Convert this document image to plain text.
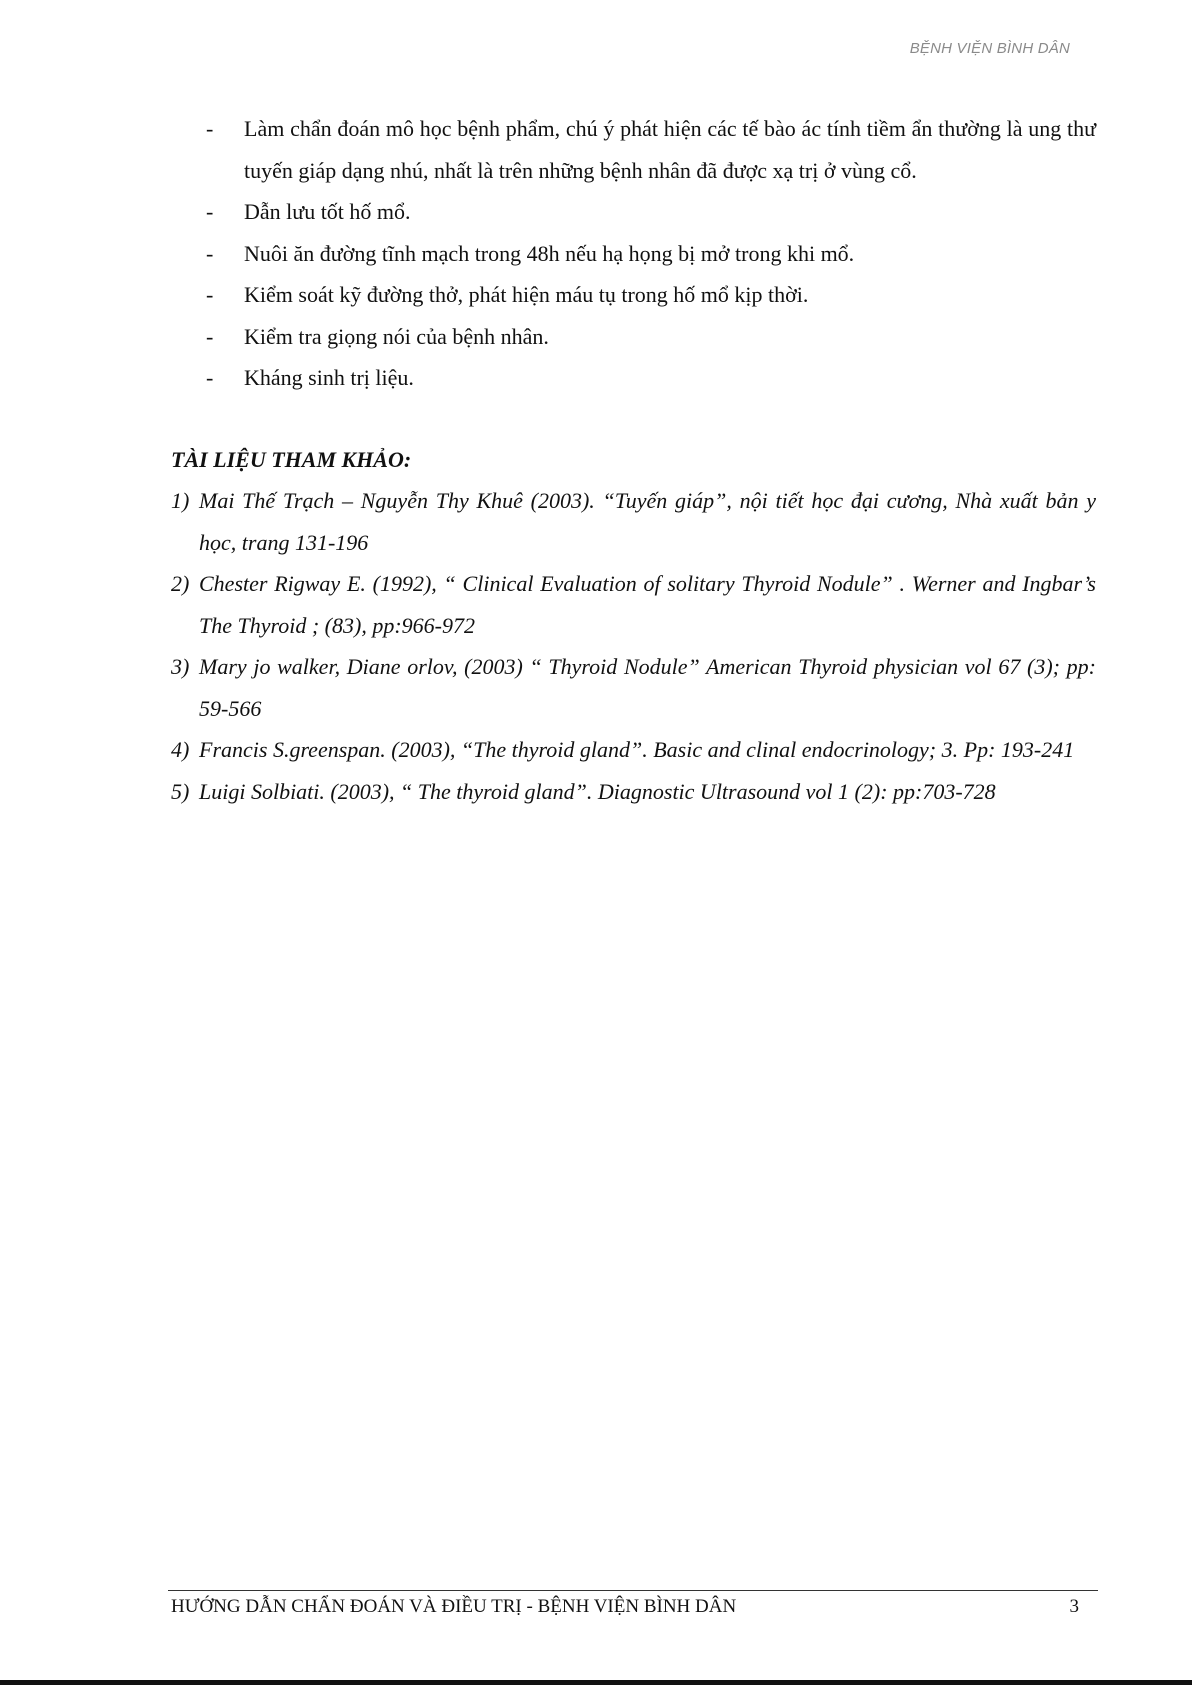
BỆNH VIỆN BÌNH DÂN
- Làm chẩn đoán mô học bệnh phẩm, chú ý phát hiện các tế bào ác tính tiềm ẩn thường là ung thư tuyến giáp dạng nhú, nhất là trên những bệnh nhân đã được xạ trị ở vùng cổ.
- Dẫn lưu tốt hố mổ.
- Nuôi ăn đường tĩnh mạch trong 48h nếu hạ họng bị mở trong khi mổ.
- Kiểm soát kỹ đường thở, phát hiện máu tụ trong hố mổ kịp thời.
- Kiểm tra giọng nói của bệnh nhân.
- Kháng sinh trị liệu.
TÀI LIỆU THAM KHẢO:
1) Mai Thế Trạch – Nguyễn Thy Khuê (2003). “Tuyến giáp”, nội tiết học đại cương, Nhà xuất bản y học, trang 131-196
2) Chester Rigway E. (1992), “ Clinical Evaluation of solitary Thyroid Nodule” . Werner and Ingbar’s The Thyroid ; (83), pp:966-972
3) Mary jo walker, Diane orlov, (2003) “ Thyroid Nodule” American Thyroid physician vol 67 (3); pp: 59-566
4) Francis S.greenspan. (2003), “The thyroid gland”. Basic and clinal endocrinology; 3. Pp: 193-241
5) Luigi Solbiati. (2003), “ The thyroid gland”. Diagnostic Ultrasound vol 1 (2): pp:703-728
HƯỚNG DẪN CHẨN ĐOÁN VÀ ĐIỀU TRỊ - BỆNH VIỆN BÌNH DÂN	3
